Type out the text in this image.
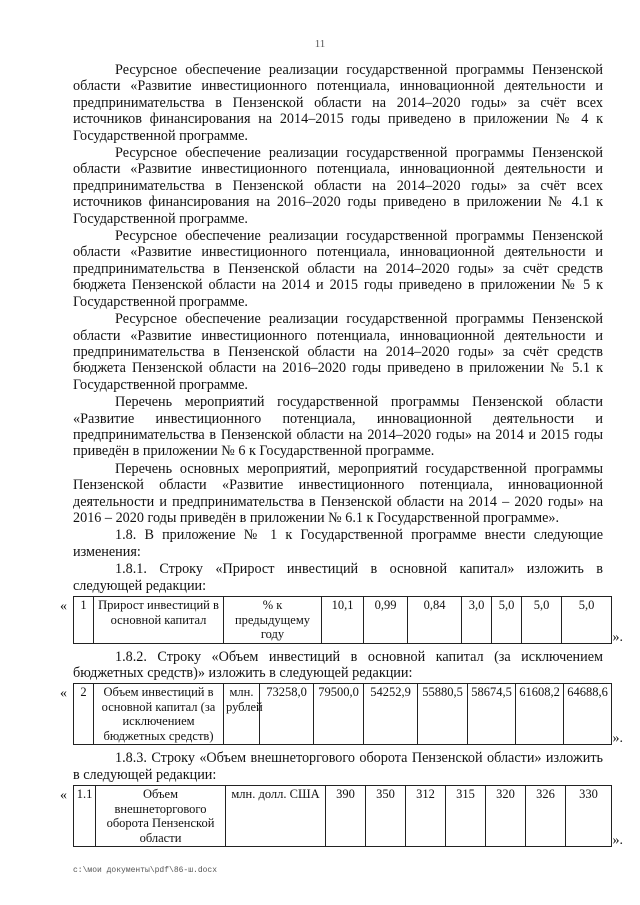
11

Ресурсное обеспечение реализации государственной программы Пензенской области «Развитие инвестиционного потенциала, инновационной деятельности и предпринимательства в Пензенской области на 2014–2020 годы» за счёт всех источников финансирования на 2014–2015 годы приведено в приложении № 4 к Государственной программе.

Ресурсное обеспечение реализации государственной программы Пензенской области «Развитие инвестиционного потенциала, инновационной деятельности и предпринимательства в Пензенской области на 2014–2020 годы» за счёт всех источников финансирования на 2016–2020 годы приведено в приложении № 4.1 к Государственной программе.

Ресурсное обеспечение реализации государственной программы Пензенской области «Развитие инвестиционного потенциала, инновационной деятельности и предпринимательства в Пензенской области на 2014–2020 годы» за счёт средств бюджета Пензенской области на 2014 и 2015 годы приведено в приложении № 5 к Государственной программе.

Ресурсное обеспечение реализации государственной программы Пензенской области «Развитие инвестиционного потенциала, инновационной деятельности и предпринимательства в Пензенской области на 2014–2020 годы» за счёт средств бюджета Пензенской области на 2016–2020 годы приведено в приложении № 5.1 к Государственной программе.

Перечень мероприятий государственной программы Пензенской области «Развитие инвестиционного потенциала, инновационной деятельности и предпринимательства в Пензенской области на 2014–2020 годы» на 2014 и 2015 годы приведён в приложении № 6 к Государственной программе.

Перечень основных мероприятий, мероприятий государственной программы Пензенской области «Развитие инвестиционного потенциала, инновационной деятельности и предпринимательства в Пензенской области на 2014 – 2020 годы» на 2016 – 2020 годы приведён в приложении № 6.1 к Государственной программе».

1.8. В приложение № 1 к Государственной программе внести следующие изменения:

1.8.1. Строку «Прирост инвестиций в основной капитал» изложить в следующей редакции:

« 1	Прирост инвестиций в основной капитал	% к предыдущему году	10,1	0,99	0,84	3,0	5,0	5,0	5,0
».

1.8.2. Строку «Объем инвестиций в основной капитал (за исключением бюджетных средств)» изложить в следующей редакции:

« 2	Объем инвестиций в основной капитал (за исключением бюджетных средств)	млн. рублей	73258,0	79500,0	54252,9	55880,5	58674,5	61608,2	64688,6
».

1.8.3. Строку «Объем внешнеторгового оборота Пензенской области» изложить в следующей редакции:

« 1.1	Объем внешнеторгового оборота Пензенской области	млн. долл. США	390	350	312	315	320	326	330
».
c:\мои документы\pdf\86-ш.docx
